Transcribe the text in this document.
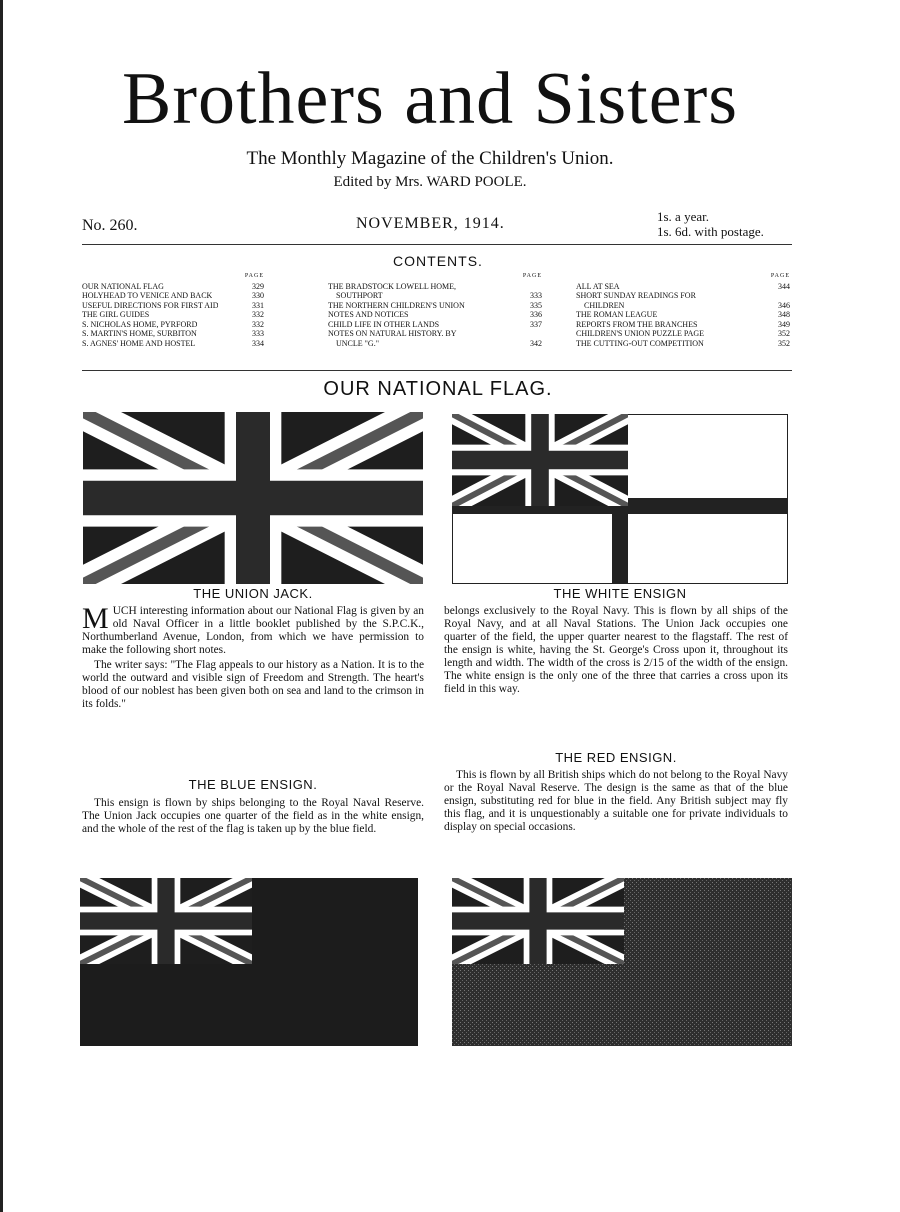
Brothers and Sisters
The Monthly Magazine of the Children's Union.
Edited by Mrs. WARD POOLE.
No. 260.	NOVEMBER, 1914.	1s. a year.
1s. 6d. with postage.
CONTENTS.
PAGE
OUR NATIONAL FLAG	329
HOLYHEAD TO VENICE AND BACK	330
USEFUL DIRECTIONS FOR FIRST AID	331
THE GIRL GUIDES	332
S. NICHOLAS HOME, PYRFORD	332
S. MARTIN'S HOME, SURBITON	333
S. AGNES' HOME AND HOSTEL	334
PAGE
THE BRADSTOCK LOWELL HOME,
SOUTHPORT	333
THE NORTHERN CHILDREN'S UNION	335
NOTES AND NOTICES	336
CHILD LIFE IN OTHER LANDS	337
NOTES ON NATURAL HISTORY. BY
UNCLE "G."	342
PAGE
ALL AT SEA	344
SHORT SUNDAY READINGS FOR
CHILDREN	346
THE ROMAN LEAGUE	348
REPORTS FROM THE BRANCHES	349
CHILDREN'S UNION PUZZLE PAGE	352
THE CUTTING-OUT COMPETITION	352
OUR NATIONAL FLAG.
THE UNION JACK.	THE WHITE ENSIGN

MUCH interesting information about our National Flag is given by an old Naval Officer in a little booklet published by the S.P.C.K., Northumberland Avenue, London, from which we have permission to make the following short notes.

The writer says: "The Flag appeals to our history as a Nation. It is to the world the outward and visible sign of Freedom and Strength. The heart's blood of our noblest has been given both on sea and land to the crimson in its folds."

THE BLUE ENSIGN.
This ensign is flown by ships belonging to the Royal Naval Reserve. The Union Jack occupies one quarter of the field as in the white ensign, and the whole of the rest of the flag is taken up by the blue field.
belongs exclusively to the Royal Navy. This is flown by all ships of the Royal Navy, and at all Naval Stations. The Union Jack occupies one quarter of the field, the upper quarter nearest to the flagstaff. The rest of the ensign is white, having the St. George's Cross upon it, throughout its length and width. The width of the cross is 2/15 of the width of the ensign. The white ensign is the only one of the three that carries a cross upon its field in this way.
THE RED ENSIGN.
This is flown by all British ships which do not belong to the Royal Navy or the Royal Naval Reserve. The design is the same as that of the blue ensign, substituting red for blue in the field. Any British subject may fly this flag, and it is unquestionably a suitable one for private individuals to display on special occasions.
